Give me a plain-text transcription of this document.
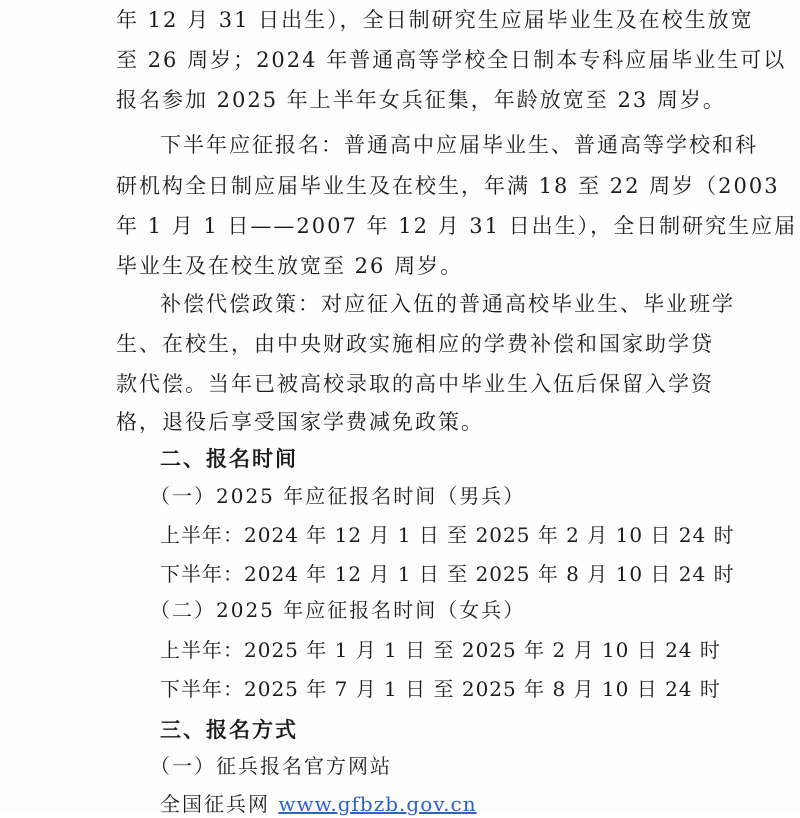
年 12 月 31 日出生），全日制研究生应届毕业生及在校生放宽
至 26 周岁；2024 年普通高等学校全日制本专科应届毕业生可以
报名参加 2025 年上半年女兵征集，年龄放宽至 23 周岁。
下半年应征报名：普通高中应届毕业生、普通高等学校和科
研机构全日制应届毕业生及在校生，年满 18 至 22 周岁（2003
年 1 月 1 日——2007 年 12 月 31 日出生），全日制研究生应届
毕业生及在校生放宽至 26 周岁。
补偿代偿政策：对应征入伍的普通高校毕业生、毕业班学
生、在校生，由中央财政实施相应的学费补偿和国家助学贷
款代偿。当年已被高校录取的高中毕业生入伍后保留入学资
格，退役后享受国家学费减免政策。
二、报名时间
（一）2025 年应征报名时间（男兵）
上半年：2024 年 12 月 1 日 至 2025 年 2 月 10 日 24 时
下半年：2024 年 12 月 1 日 至 2025 年 8 月 10 日 24 时
（二）2025 年应征报名时间（女兵）
上半年：2025 年 1 月 1 日 至 2025 年 2 月 10 日 24 时
下半年：2025 年 7 月 1 日 至 2025 年 8 月 10 日 24 时
三、报名方式
（一）征兵报名官方网站
全国征兵网 www.gfbzb.gov.cn
